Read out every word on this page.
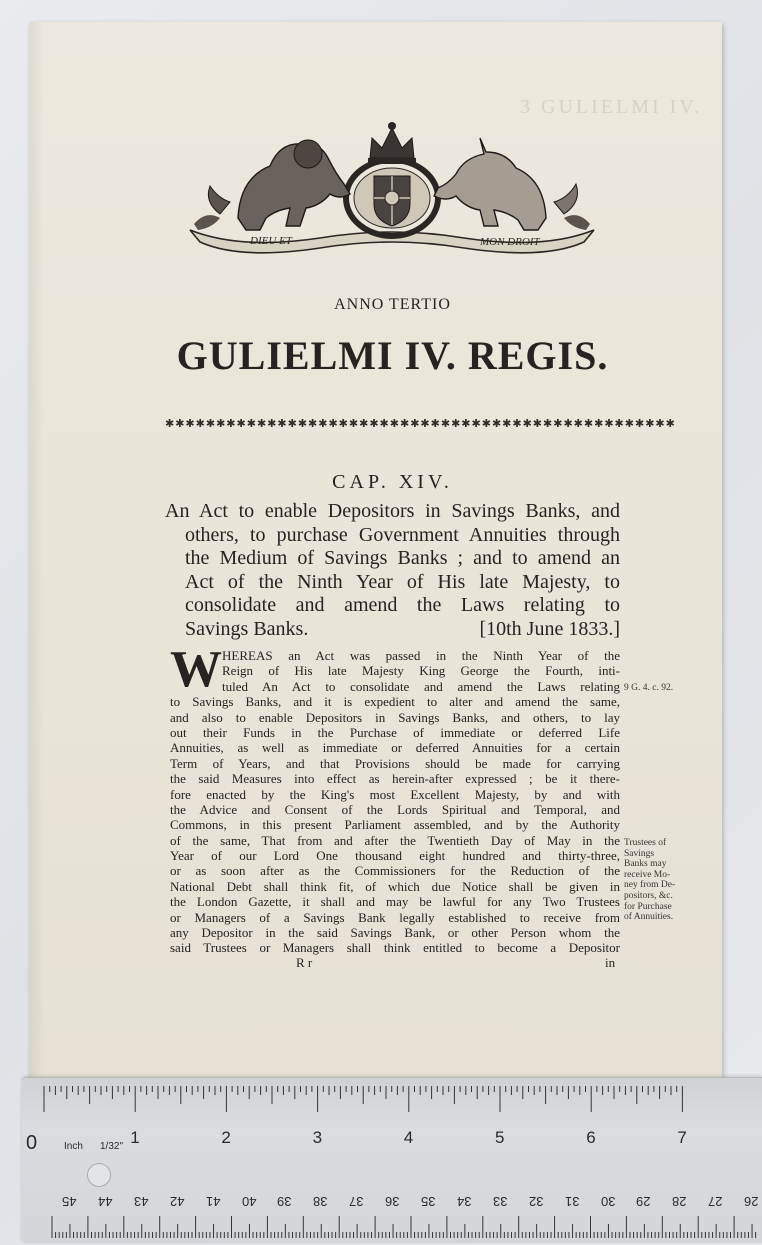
3 GULIELMI IV.
DIEU ET	MON DROIT
ANNO TERTIO
GULIELMI IV. REGIS.
✱✱✱✱✱✱✱✱✱✱✱✱✱✱✱✱✱✱✱✱✱✱✱✱✱✱✱✱✱✱✱✱✱✱✱✱✱✱✱✱✱✱✱✱✱✱✱✱✱✱
CAP. XIV.
An Act to enable Depositors in Savings Banks, and
others, to purchase Government Annuities through
the Medium of Savings Banks ; and to amend an
Act of the Ninth Year of His late Majesty, to
consolidate and amend the Laws relating to
Savings Banks.	[10th June 1833.]
W HEREAS an Act was passed in the Ninth Year of the
Reign of His late Majesty King George the Fourth, inti-
tuled An Act to consolidate and amend the Laws relating
to Savings Banks, and it is expedient to alter and amend the same,
and also to enable Depositors in Savings Banks, and others, to lay
out their Funds in the Purchase of immediate or deferred Life
Annuities, as well as immediate or deferred Annuities for a certain
Term of Years, and that Provisions should be made for carrying
the said Measures into effect as herein-after expressed ; be it there-
fore enacted by the King's most Excellent Majesty, by and with
the Advice and Consent of the Lords Spiritual and Temporal, and
Commons, in this present Parliament assembled, and by the Authority
of the same, That from and after the Twentieth Day of May in the
Year of our Lord One thousand eight hundred and thirty-three,
or as soon after as the Commissioners for the Reduction of the
National Debt shall think fit, of which due Notice shall be given in
the London Gazette, it shall and may be lawful for any Two Trustees
or Managers of a Savings Bank legally established to receive from
any Depositor in the said Savings Bank, or other Person whom the
said Trustees or Managers shall think entitled to become a Depositor
R r	in
9 G. 4. c. 92.
Trustees of
Savings
Banks may
receive Mo-
ney from De-
positors, &c.
for Purchase
of Annuities.
Inch 1/32"
0	1	2	3	4	5	6	7
45 44 43 42 41 40 39 38 37 36 35 34 33 32 31 30 29 28 27 26
